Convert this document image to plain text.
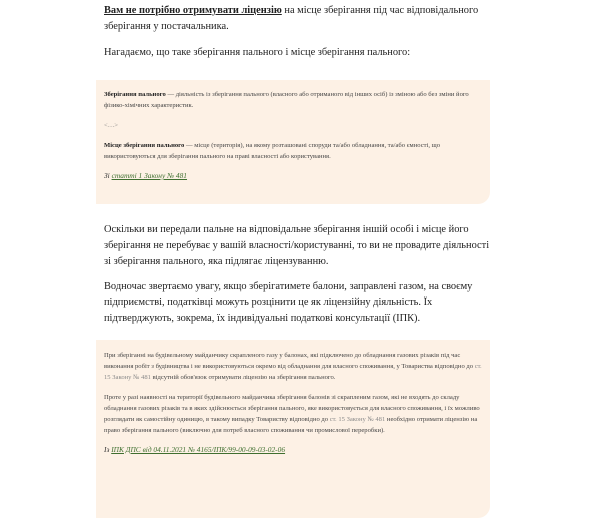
Вам не потрібно отримувати ліцензію на місце зберігання під час відповідального зберігання у постачальника.

Нагадаємо, що таке зберігання пального і місце зберігання пального:

Зберігання пального — діяльність із зберігання пального (власного або отриманого від інших осіб) із зміною або без зміни його фізико-хімічних характеристик.

<…>

Місце зберігання пального — місце (територія), на якому розташовані споруди та/або обладнання, та/або ємності, що використовуються для зберігання пального на праві власності або користування.

Зі статті 1 Закону № 481

Оскільки ви передали пальне на відповідальне зберігання іншій особі і місце його зберігання не перебуває у вашій власності/користуванні, то ви не провадите діяльності зі зберігання пального, яка підлягає ліцензуванню.

Водночас звертаємо увагу, якщо зберігатимете балони, заправлені газом, на своєму підприємстві, податківці можуть розцінити це як ліцензійну діяльність. Їх підтверджують, зокрема, їх індивідуальні податкові консультації (ІПК).

При зберіганні на будівельному майданчику скрапленого газу у балонах, які підключено до обладнання газових різаків під час виконання робіт з будівництва і не використовуються окремо від обладнання для власного споживання, у Товариства відповідно до ст. 15 Закону № 481 відсутній обов'язок отримувати ліцензію на зберігання пального.

Проте у разі наявності на території будівельного майданчика зберігання балонів зі скрапленим газом, які не входять до складу обладнання газових різаків та в яких здійснюється зберігання пального, яке використовується для власного споживання, і їх можливо розглядати як самостійну одиницю, в такому випадку Товариству відповідно до ст. 15 Закону № 481 необхідно отримати ліцензію на право зберігання пального (виключно для потреб власного споживання чи промислової переробки).

Із ІПК ДПС від 04.11.2021 № 4165/ІПК/99-00-09-03-02-06
